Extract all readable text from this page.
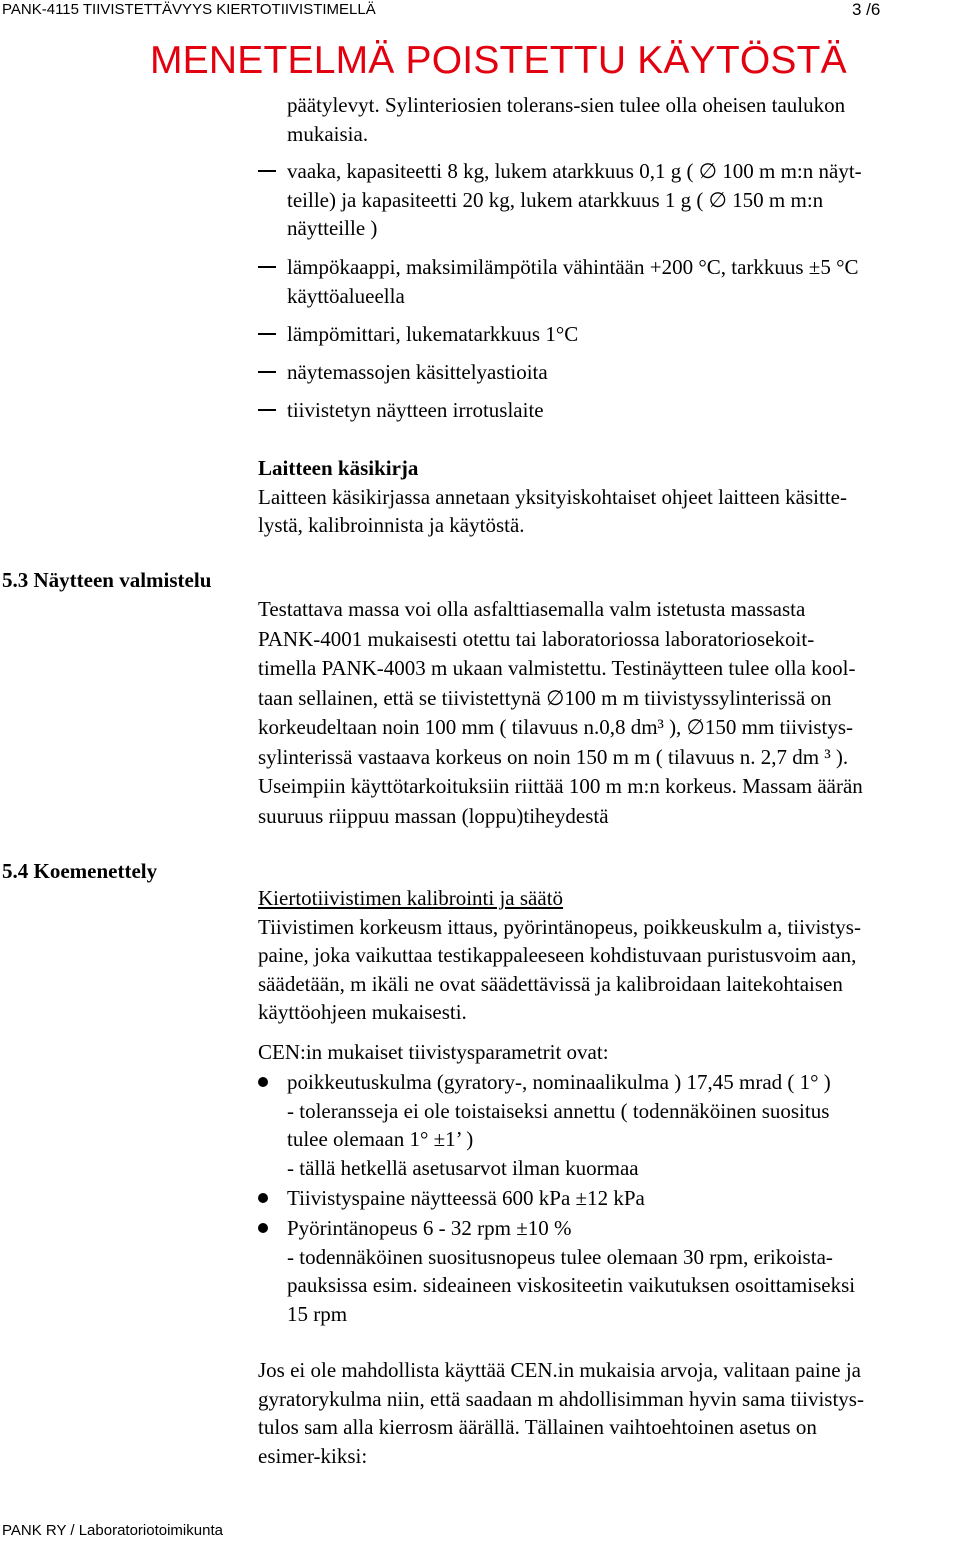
PANK-4115 TIIVISTETTÄVYYS KIERTOTIIVISTIMELLÄ	3 /6
MENETELMÄ POISTETTU KÄYTÖSTÄ
päätylevyt. Sylinteriosien tolerans-sien tulee olla oheisen taulukon
mukaisia.
vaaka, kapasiteetti 8 kg, lukem atarkkuus 0,1 g ( ∅ 100 m m:n näyt-
teille) ja kapasiteetti 20 kg, lukem atarkkuus 1 g ( ∅ 150 m m:n
näytteille )
lämpökaappi, maksimilämpötila vähintään +200 °C, tarkkuus ±5 °C
käyttöalueella
lämpömittari, lukematarkkuus 1°C
näytemassojen käsittelyastioita
tiivistetyn näytteen irrotuslaite
Laitteen käsikirja
Laitteen käsikirjassa annetaan yksityiskohtaiset ohjeet laitteen käsitte-
lystä, kalibroinnista ja käytöstä.
5.3 Näytteen valmistelu
Testattava massa voi olla asfalttiasemalla valm istetusta massasta
PANK-4001 mukaisesti otettu tai laboratoriossa laboratoriosekoit-
timella PANK-4003 m ukaan valmistettu. Testinäytteen tulee olla kool-
taan sellainen, että se tiivistettynä ∅100 m m tiivistyssylinterissä on
korkeudeltaan noin 100 mm ( tilavuus n.0,8 dm³ ), ∅150 mm tiivistys-
sylinterissä vastaava korkeus on noin 150 m m ( tilavuus n. 2,7 dm ³ ).
Useimpiin käyttötarkoituksiin riittää 100 m m:n korkeus. Massam äärän
suuruus riippuu massan (loppu)tiheydestä
5.4 Koemenettely
Kiertotiivistimen kalibrointi ja säätö
Tiivistimen korkeusm ittaus, pyörintänopeus, poikkeuskulm a, tiivistys-
paine, joka vaikuttaa testikappaleeseen kohdistuvaan puristusvoim aan,
säädetään, m ikäli ne ovat säädettävissä ja kalibroidaan laitekohtaisen
käyttöohjeen mukaisesti.
CEN:in mukaiset tiivistysparametrit ovat:
poikkeutuskulma (gyratory-, nominaalikulma ) 17,45 mrad ( 1° )
- toleransseja ei ole toistaiseksi annettu ( todennäköinen suositus
tulee olemaan 1° ±1’ )
- tällä hetkellä asetusarvot ilman kuormaa
Tiivistyspaine näytteessä 600 kPa ±12 kPa
Pyörintänopeus 6 - 32 rpm ±10 %
- todennäköinen suositusnopeus tulee olemaan 30 rpm, erikoista-
pauksissa esim. sideaineen viskositeetin vaikutuksen osoittamiseksi
15 rpm
Jos ei ole mahdollista käyttää CEN.in mukaisia arvoja, valitaan paine ja
gyratorykulma niin, että saadaan m ahdollisimman hyvin sama tiivistys-
tulos sam alla kierrosm äärällä. Tällainen vaihtoehtoinen asetus on
esimer-kiksi:
PANK RY / Laboratoriotoimikunta
